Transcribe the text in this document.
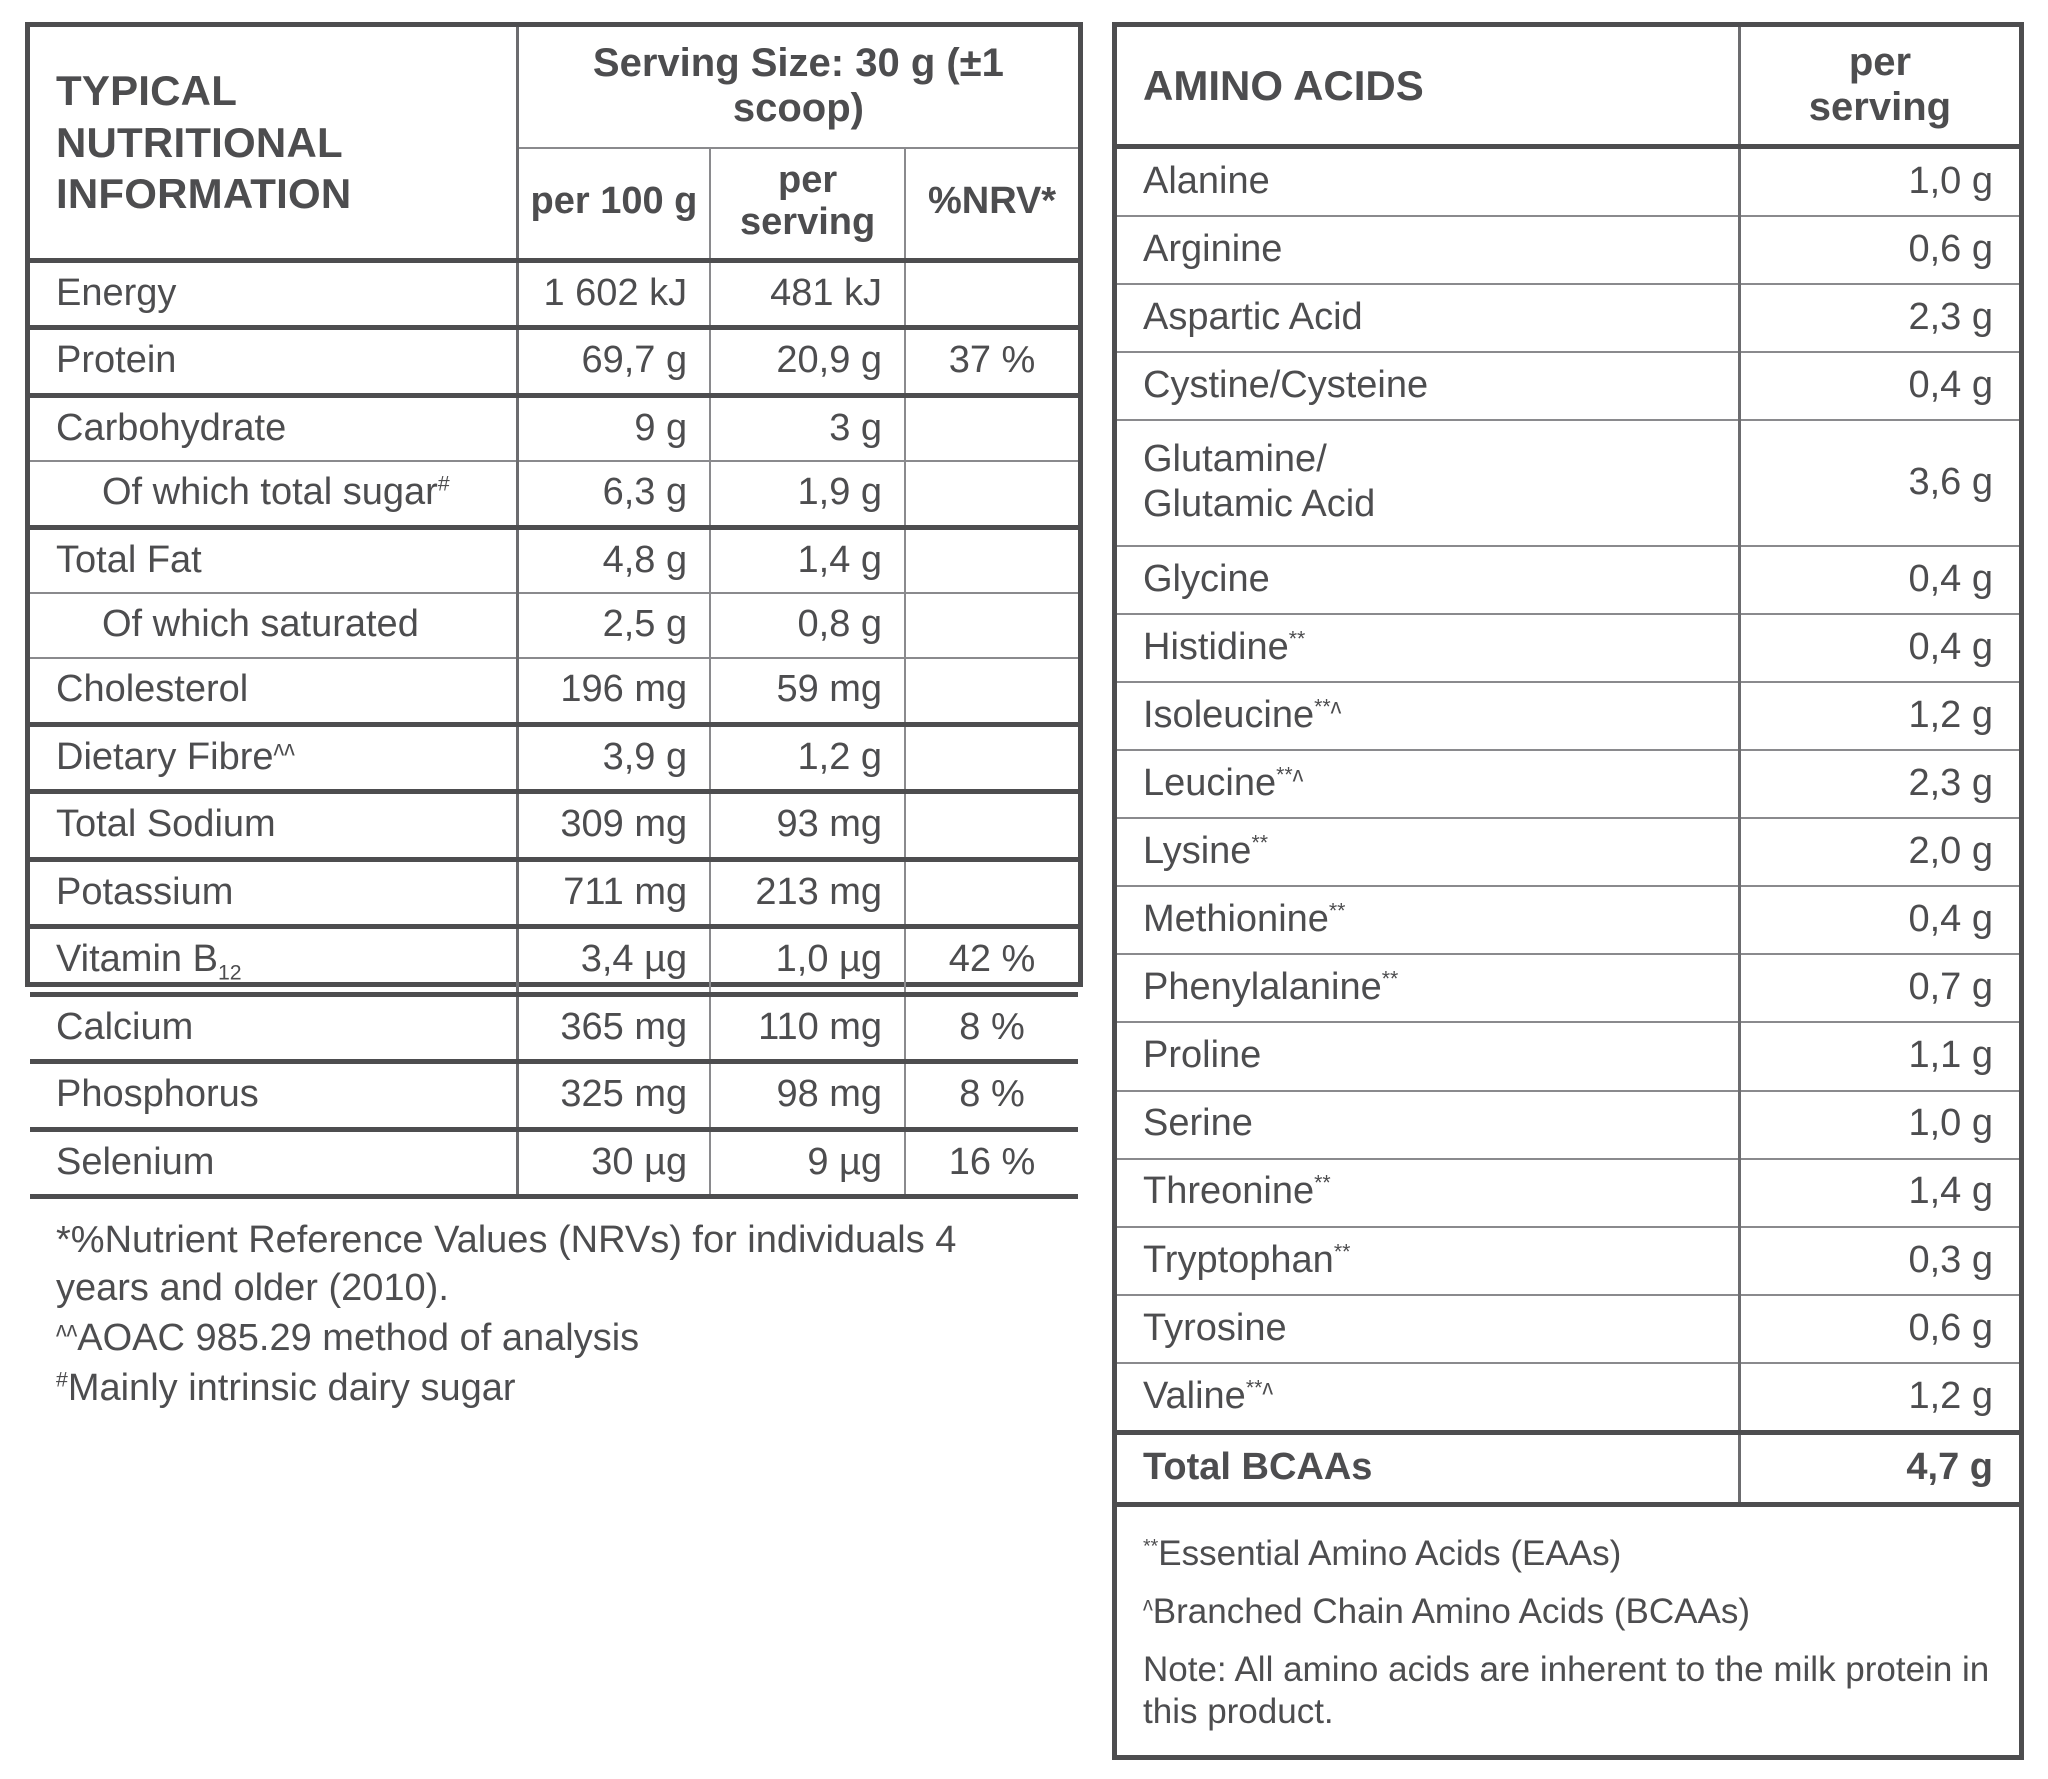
TYPICAL NUTRITIONAL
INFORMATION	Serving Size: 30 g (±1 scoop)		
	per 100 g	per serving	%NRV*
Energy	1 602 kJ	481 kJ	
Protein	69,7 g	20,9 g	37 %
Carbohydrate	9 g	3 g	
Of which total sugar#	6,3 g	1,9 g	
Total Fat	4,8 g	1,4 g	
Of which saturated	2,5 g	0,8 g	
Cholesterol	196 mg	59 mg	
Dietary Fibre$^{ʌʌ}$	3,9 g	1,2 g	
Total Sodium	309 mg	93 mg	
Potassium	711 mg	213 mg	
Vitamin $B_{12}$	3,4 µg	1,0 µg	42 %
Calcium	365 mg	110 mg	8 %
Phosphorus	325 mg	98 mg	8 %
Selenium	30 µg	9 µg	16 %

*%Nutrient Reference Values (NRVs) for individuals 4 years and older (2010).

$^{ʌʌ}$AOAC 985.29 method of analysis

#Mainly intrinsic dairy sugar			

AMINO ACIDS	per
serving
Alanine	1,0 g
Arginine	0,6 g
Aspartic Acid	2,3 g
Cystine/Cysteine	0,4 g
Glutamine/
Glutamic Acid	3,6 g
Glycine	0,4 g
Histidine**	0,4 g
Isoleucine$^{**ʌ}$	1,2 g
Leucine$^{**ʌ}$	2,3 g
Lysine**	2,0 g
Methionine**	0,4 g
Phenylalanine**	0,7 g
Proline	1,1 g
Serine	1,0 g
Threonine**	1,4 g
Tryptophan**	0,3 g
Tyrosine	0,6 g
Valine$^{**ʌ}$	1,2 g
Total BCAAs	4,7 g

**Essential Amino Acids (EAAs)

$^ʌ$Branched Chain Amino Acids (BCAAs)

Note: All amino acids are inherent to the milk protein in this product.	
